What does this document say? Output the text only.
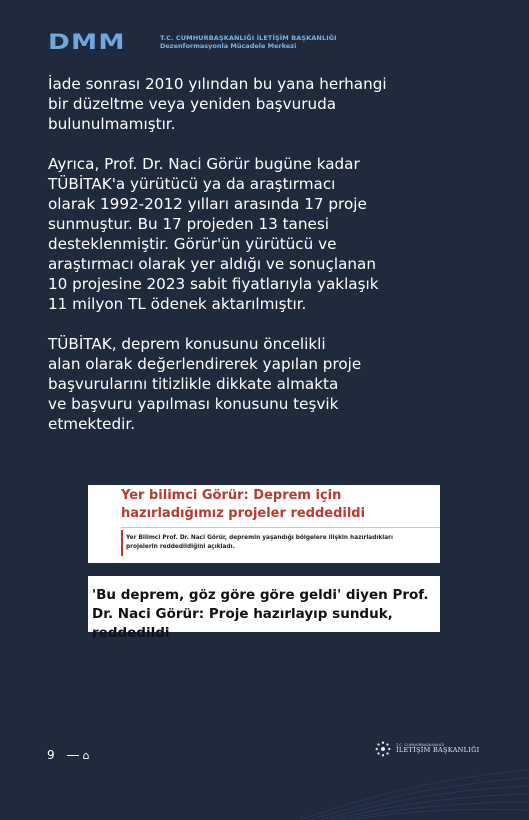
DMM	T.C. CUMHURBAŞKANLIĞI İLETİŞİM BAŞKANLIĞI
Dezenformasyonla Mücadele Merkezi

İade sonrası 2010 yılından bu yana herhangi
bir düzeltme veya yeniden başvuruda
bulunulmamıştır.

Ayrıca, Prof. Dr. Naci Görür bugüne kadar
TÜBİTAK'a yürütücü ya da araştırmacı
olarak 1992-2012 yılları arasında 17 proje
sunmuştur. Bu 17 projeden 13 tanesi
desteklenmiştir. Görür'ün yürütücü ve
araştırmacı olarak yer aldığı ve sonuçlanan
10 projesine 2023 sabit fiyatlarıyla yaklaşık
11 milyon TL ödenek aktarılmıştır.

TÜBİTAK, deprem konusunu öncelikli
alan olarak değerlendirerek yapılan proje
başvurularını titizlikle dikkate almakta
ve başvuru yapılması konusunu teşvik
etmektedir.

Yer bilimci Görür: Deprem için hazırladığımız projeler reddedildi
Yer Bilimci Prof. Dr. Naci Görür, depremin yaşandığı bölgelere ilişkin hazırladıkları projelerin reddedildiğini açıkladı.
'Bu deprem, göz göre göre geldi' diyen Prof. Dr. Naci Görür: Proje hazırlayıp sunduk, reddedildi
9	⌂
T.C. CUMHURBAŞKANLIĞI
İLETİŞİM BAŞKANLIĞI
